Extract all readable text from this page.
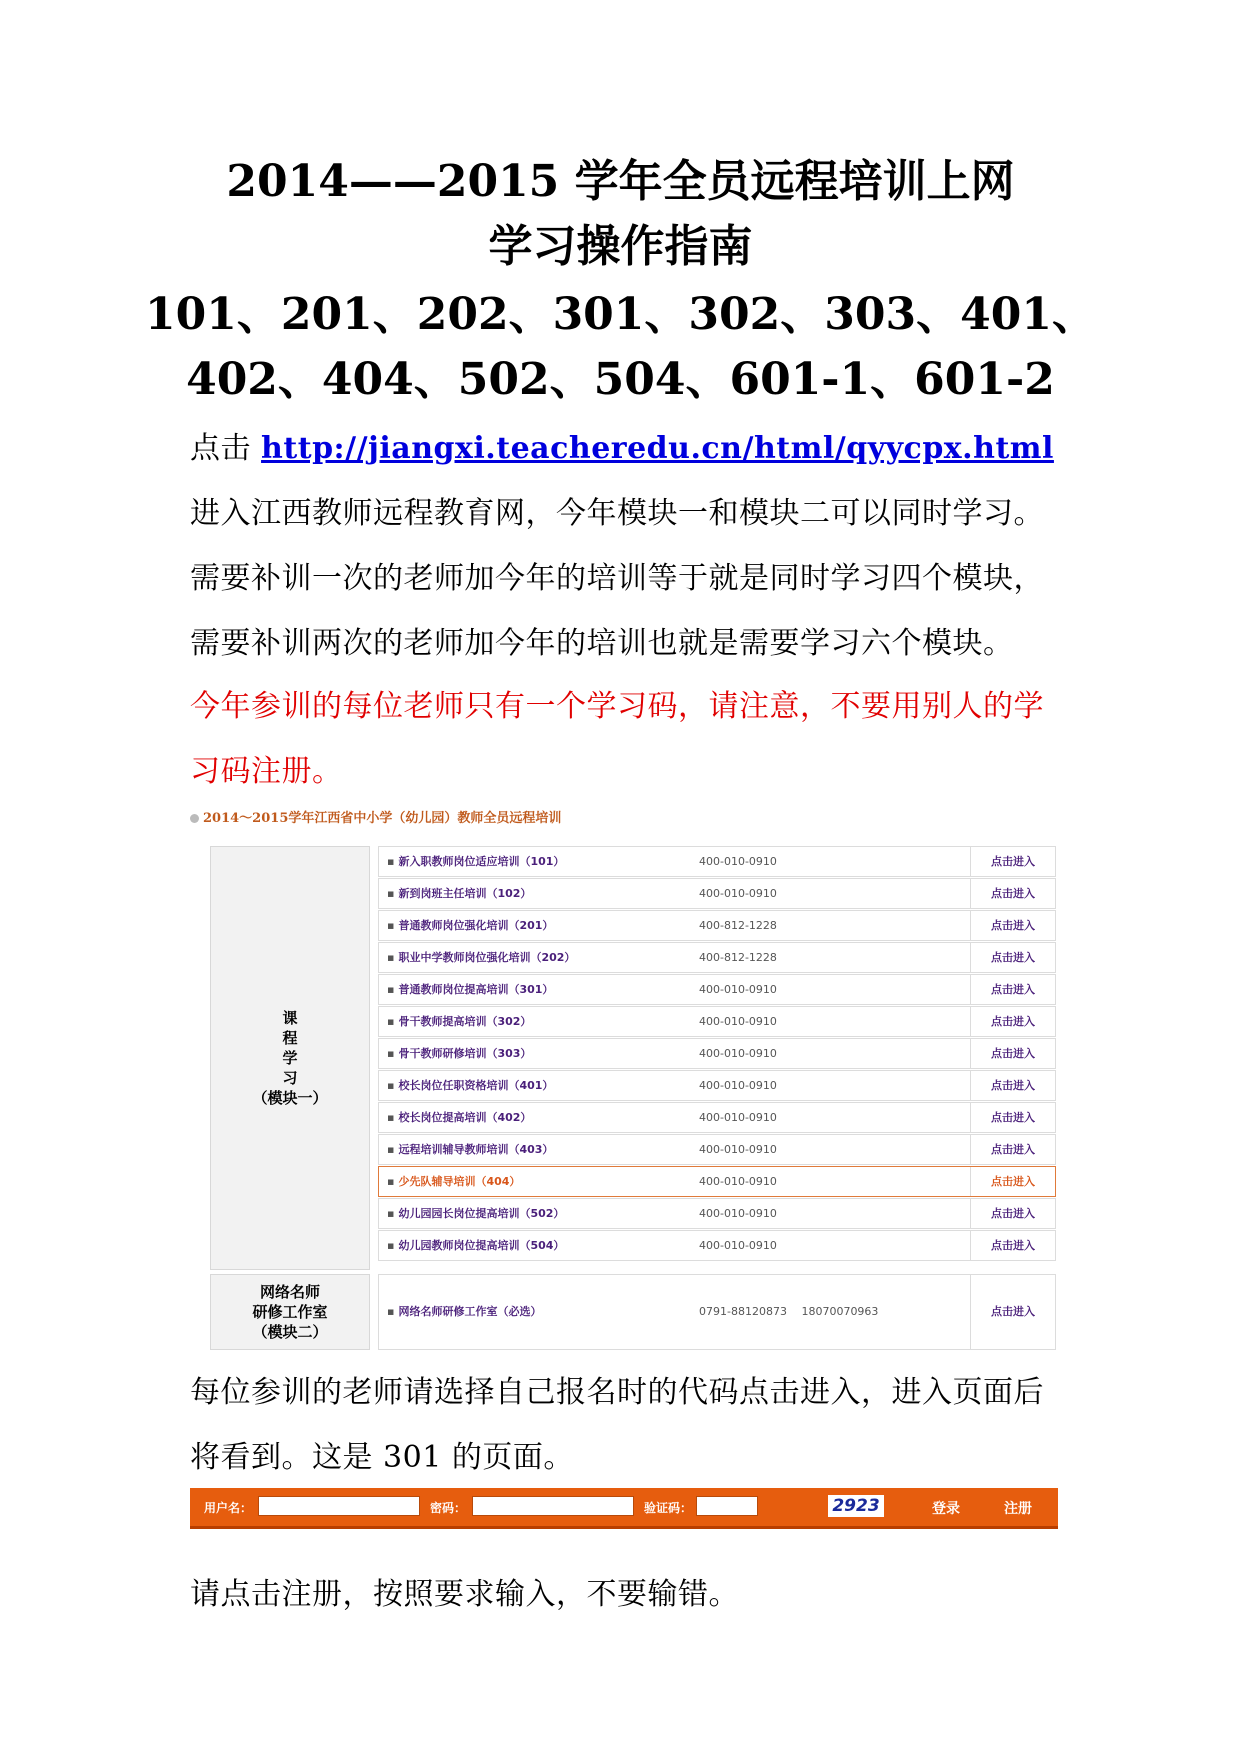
2014——2015 学年全员远程培训上网
学习操作指南
101、201、202、301、302、303、401、
402、404、502、504、601-1、601-2
点击 http://jiangxi.teacheredu.cn/html/qyycpx.html 进入江西教师远程教育网，今年模块一和模块二可以同时学习。需要补训一次的老师加今年的培训等于就是同时学习四个模块，需要补训两次的老师加今年的培训也就是需要学习六个模块。
今年参训的每位老师只有一个学习码，请注意，不要用别人的学习码注册。
2014～2015学年江西省中小学（幼儿园）教师全员远程培训
课
程
学
习
（模块一）
▪ 新入职教师岗位适应培训（101）	400-010-0910	点击进入
▪ 新到岗班主任培训（102）	400-010-0910	点击进入
▪ 普通教师岗位强化培训（201）	400-812-1228	点击进入
▪ 职业中学教师岗位强化培训（202）	400-812-1228	点击进入
▪ 普通教师岗位提高培训（301）	400-010-0910	点击进入
▪ 骨干教师提高培训（302）	400-010-0910	点击进入
▪ 骨干教师研修培训（303）	400-010-0910	点击进入
▪ 校长岗位任职资格培训（401）	400-010-0910	点击进入
▪ 校长岗位提高培训（402）	400-010-0910	点击进入
▪ 远程培训辅导教师培训（403）	400-010-0910	点击进入
▪ 少先队辅导培训（404）	400-010-0910	点击进入
▪ 幼儿园园长岗位提高培训（502）	400-010-0910	点击进入
▪ 幼儿园教师岗位提高培训（504）	400-010-0910	点击进入
网络名师
研修工作室
（模块二）
▪ 网络名师研修工作室（必选）	0791-88120873　 18070070963	点击进入
每位参训的老师请选择自己报名时的代码点击进入，进入页面后将看到。这是 301 的页面。
用户名：	密码：	验证码：	2923	登录	注册
请点击注册，按照要求输入，不要输错。
